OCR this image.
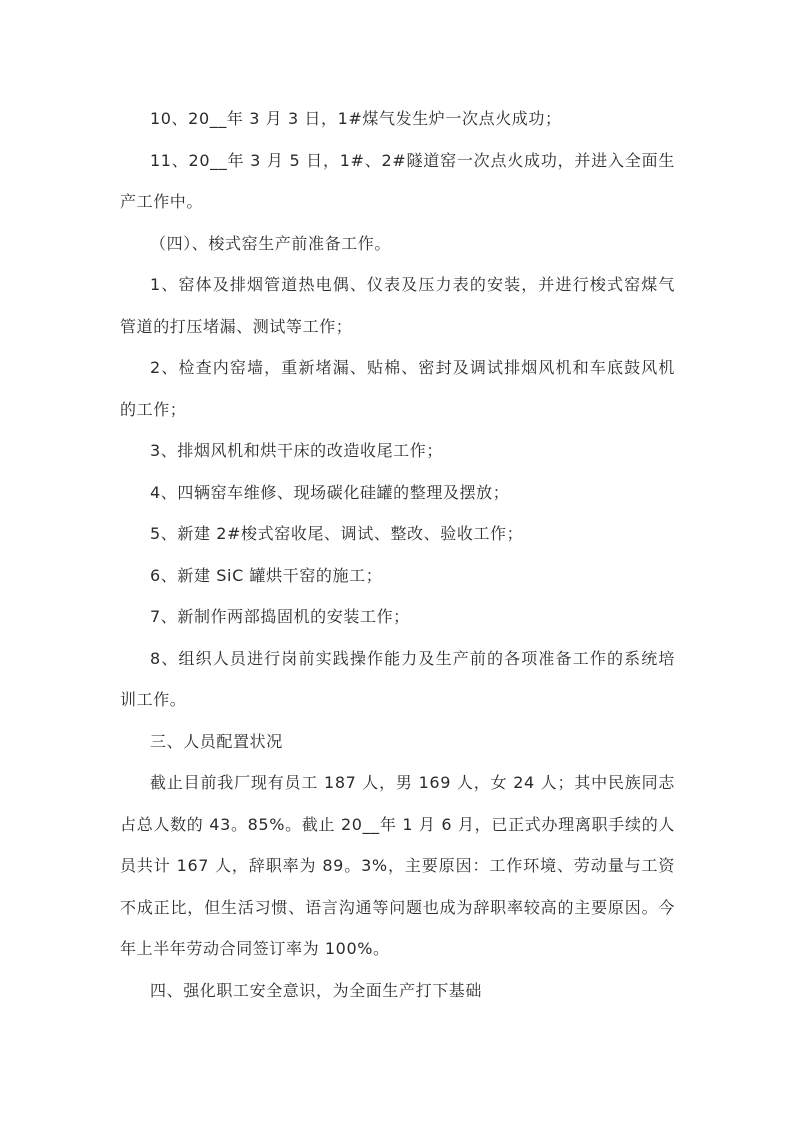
10、20__年 3 月 3 日，1#煤气发生炉一次点火成功；

11、20__年 3 月 5 日，1#、2#隧道窑一次点火成功，并进入全面生产工作中。

（四）、梭式窑生产前准备工作。

1、窑体及排烟管道热电偶、仪表及压力表的安装，并进行梭式窑煤气管道的打压堵漏、测试等工作；

2、检查内窑墙，重新堵漏、贴棉、密封及调试排烟风机和车底鼓风机的工作；

3、排烟风机和烘干床的改造收尾工作；

4、四辆窑车维修、现场碳化硅罐的整理及摆放；

5、新建 2#梭式窑收尾、调试、整改、验收工作；

6、新建 SiC 罐烘干窑的施工；

7、新制作两部捣固机的安装工作；

8、组织人员进行岗前实践操作能力及生产前的各项准备工作的系统培训工作。

三、人员配置状况

截止目前我厂现有员工 187 人，男 169 人，女 24 人；其中民族同志占总人数的 43。85%。截止 20__年 1 月 6 月，已正式办理离职手续的人员共计 167 人，辞职率为 89。3%，主要原因：工作环境、劳动量与工资不成正比，但生活习惯、语言沟通等问题也成为辞职率较高的主要原因。今年上半年劳动合同签订率为 100%。

四、强化职工安全意识，为全面生产打下基础
